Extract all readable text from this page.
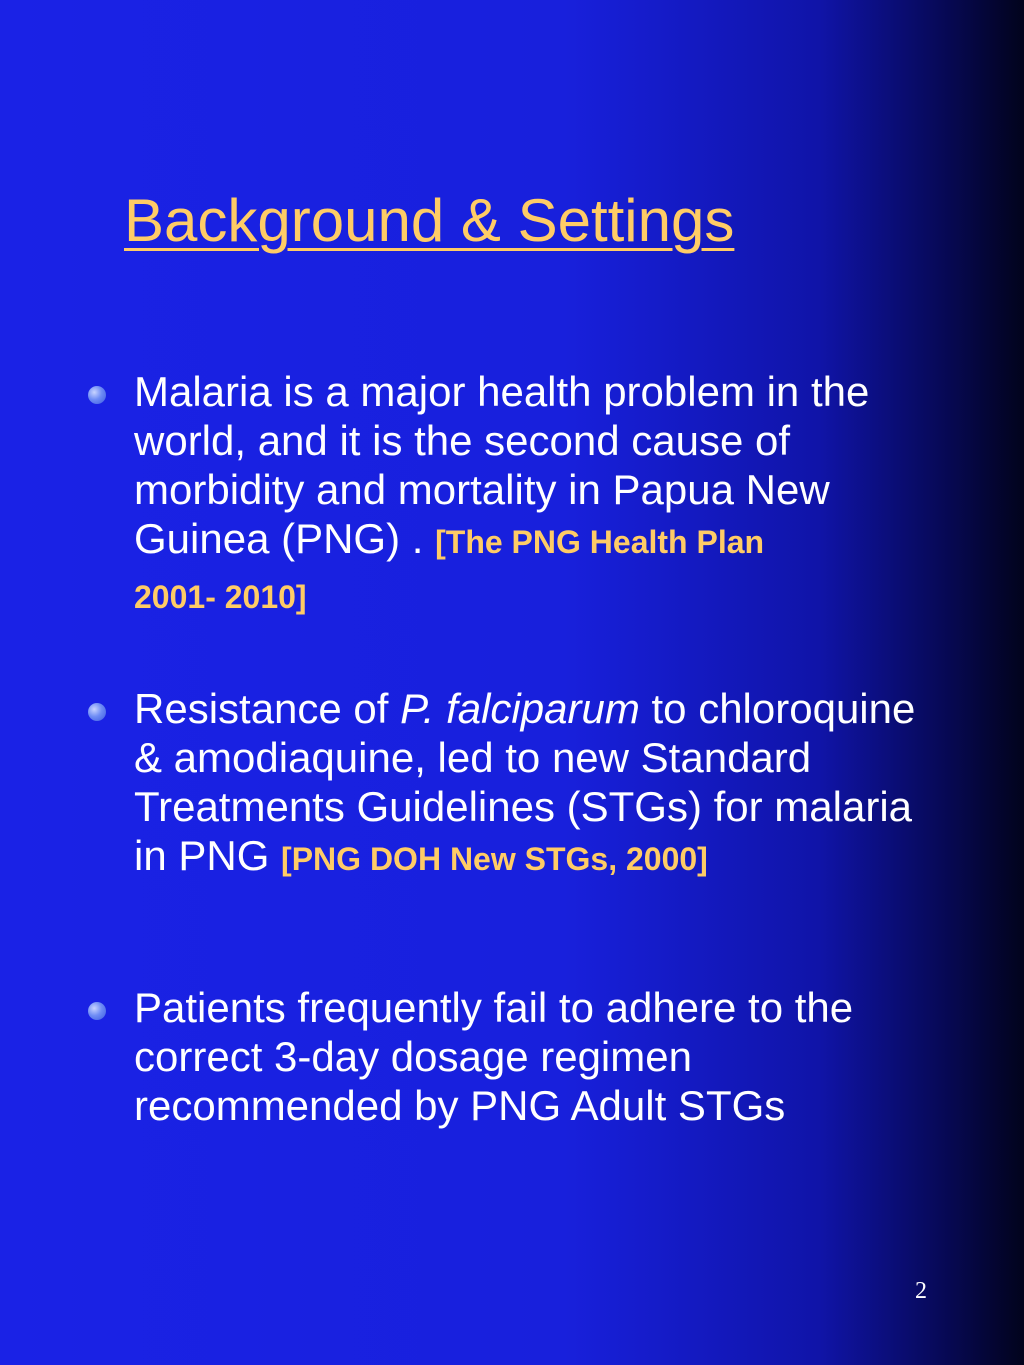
Background & Settings
Malaria is a major health problem in the world, and it is the second cause of morbidity and mortality in Papua New Guinea (PNG) . [The PNG Health Plan
2001- 2010]
Resistance of P. falciparum to chloroquine & amodiaquine, led to new Standard Treatments Guidelines (STGs) for malaria in PNG [PNG DOH New STGs, 2000]
Patients frequently fail to adhere to the correct 3-day dosage regimen recommended by PNG Adult STGs
2
